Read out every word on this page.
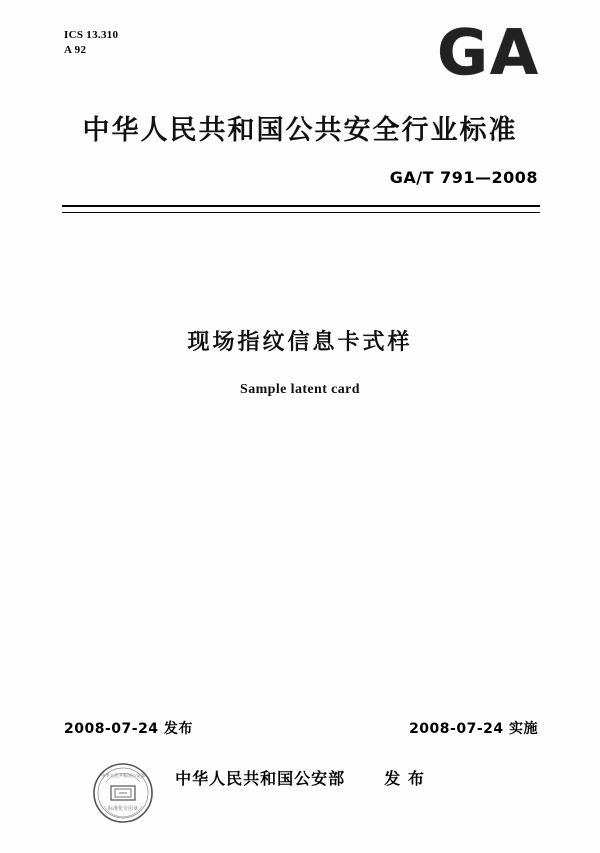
ICS 13.310
A 92	GA
中华人民共和国公共安全行业标准
GA/T 791—2008
现场指纹信息卡式样
Sample latent card
2008-07-24 发布	2008-07-24 实施
中华人民共和国公安部 发 布
标准化专用章
中华人民共和国公安部
